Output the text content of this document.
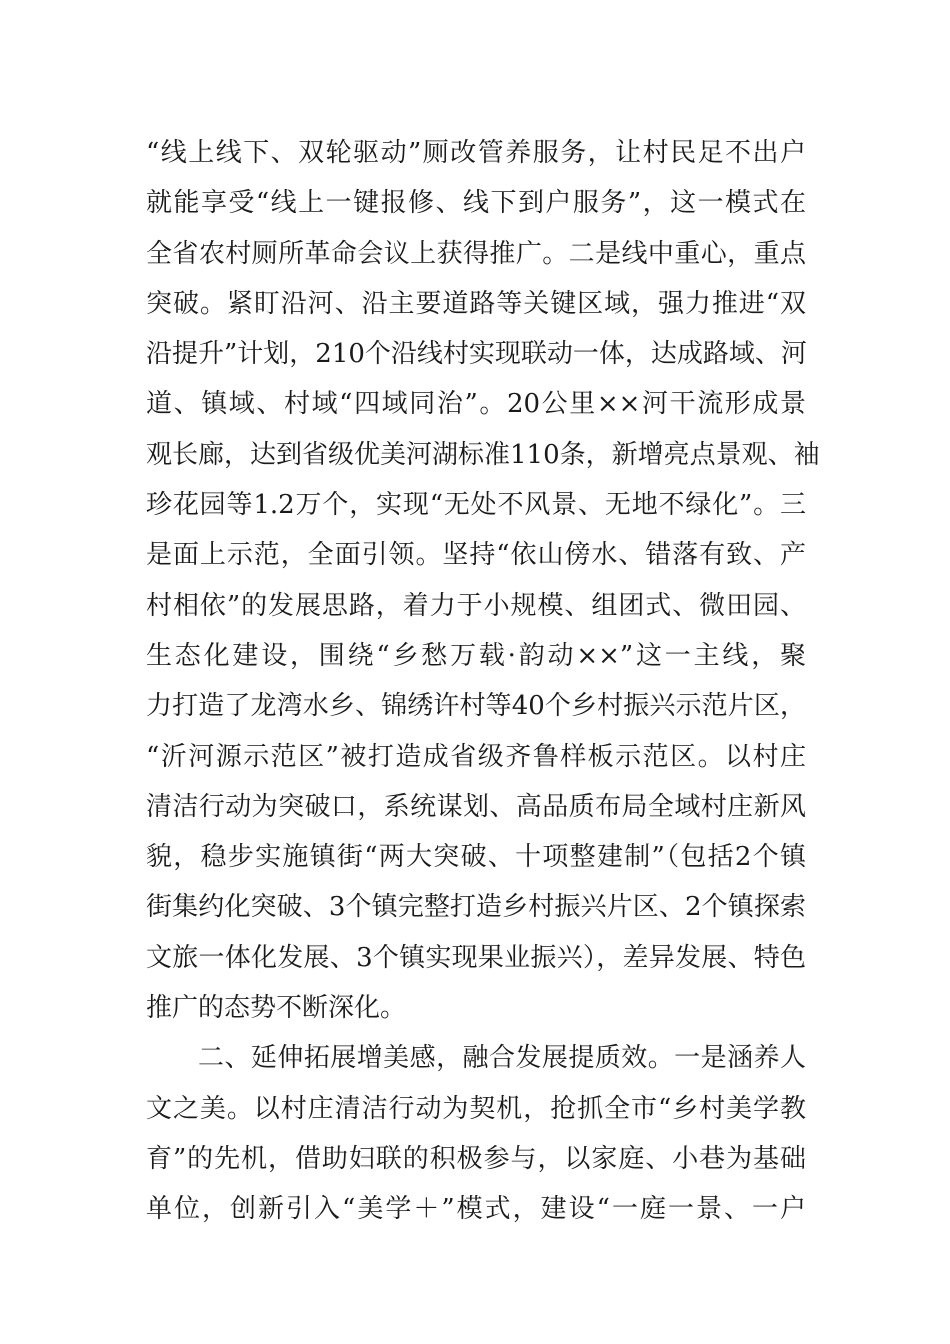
“线上线下、双轮驱动”厕改管养服务，让村民足不出户
就能享受“线上一键报修、线下到户服务”，这一模式在
全省农村厕所革命会议上获得推广。二是线中重心，重点
突破。紧盯沿河、沿主要道路等关键区域，强力推进“双
沿提升”计划，210个沿线村实现联动一体，达成路域、河
道、镇域、村域“四域同治”。20公里××河干流形成景
观长廊，达到省级优美河湖标准110条，新增亮点景观、袖
珍花园等1.2万个，实现“无处不风景、无地不绿化”。三
是面上示范，全面引领。坚持“依山傍水、错落有致、产
村相依”的发展思路，着力于小规模、组团式、微田园、
生态化建设，围绕“乡愁万载·韵动××”这一主线，聚
力打造了龙湾水乡、锦绣许村等40个乡村振兴示范片区，
“沂河源示范区”被打造成省级齐鲁样板示范区。以村庄
清洁行动为突破口，系统谋划、高品质布局全域村庄新风
貌，稳步实施镇街“两大突破、十项整建制”（包括2个镇
街集约化突破、3个镇完整打造乡村振兴片区、2个镇探索
文旅一体化发展、3个镇实现果业振兴），差异发展、特色
推广的态势不断深化。
二、延伸拓展增美感，融合发展提质效。一是涵养人
文之美。以村庄清洁行动为契机，抢抓全市“乡村美学教
育”的先机，借助妇联的积极参与，以家庭、小巷为基础
单位，创新引入“美学＋”模式，建设“一庭一景、一户
